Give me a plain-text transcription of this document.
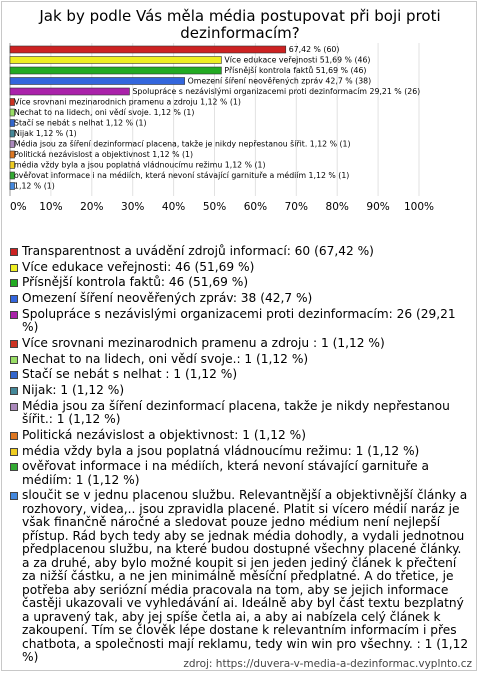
Jak by podle Vás měla média postupovat při boji proti dezinformacím?
0% 10% 20% 30% 40% 50% 60% 70% 80% 90% 100%
67,42 % (60)
Více edukace veřejnosti 51,69 % (46)
Přísnější kontrola faktů 51,69 % (46)
Omezení šíření neověřených zpráv 42,7 % (38)
Spolupráce s nezávislými organizacemi proti dezinformacím 29,21 % (26)
Více srovnani mezinarodnich pramenu a zdroju 1,12 % (1)
Nechat to na lidech, oni vědí svoje. 1,12 % (1)
Stačí se nebát s nelhat 1,12 % (1)
Nijak 1,12 % (1)
Média jsou za šíření dezinformací placena, takže je nikdy nepřestanou šířit. 1,12 % (1)
Politická nezávislost a objektivnost 1,12 % (1)
média vždy byla a jsou poplatná vládnoucímu režimu 1,12 % (1)
ověřovat informace i na médiích, která nevoní stávající garnituře a médiím 1,12 % (1)
1,12 % (1)
Transparentnost a uvádění zdrojů informací: 60 (67,42 %)
Více edukace veřejnosti: 46 (51,69 %)
Přísnější kontrola faktů: 46 (51,69 %)
Omezení šíření neověřených zpráv: 38 (42,7 %)
Spolupráce s nezávislými organizacemi proti dezinformacím: 26 (29,21 %)
Více srovnani mezinarodnich pramenu a zdroju : 1 (1,12 %)
Nechat to na lidech, oni vědí svoje.: 1 (1,12 %)
Stačí se nebát s nelhat : 1 (1,12 %)
Nijak: 1 (1,12 %)
Média jsou za šíření dezinformací placena, takže je nikdy nepřestanou šířit.: 1 (1,12 %)
Politická nezávislost a objektivnost: 1 (1,12 %)
média vždy byla a jsou poplatná vládnoucímu režimu: 1 (1,12 %)
ověřovat informace i na médiích, která nevoní stávající garnituře a médiím: 1 (1,12 %)
sloučit se v jednu placenou službu. Relevantnější a objektivnější články a rozhovory, videa,.. jsou zpravidla placené. Platit si vícero médií naráz je však finančně náročné a sledovat pouze jedno médium není nejlepší přístup. Rád bych tedy aby se jednak média dohodly, a vydali jednotnou předplacenou službu, na které budou dostupné všechny placené články. a za druhé, aby bylo možné koupit si jen jeden jediný článek k přečtení za nižší částku, a ne jen minimálně měsíční předplatné. A do třetice, je potřeba aby seriózní média pracovala na tom, aby se jejich informace častěji ukazovali ve vyhledávání ai. Ideálně aby byl část textu bezplatný a upravený tak, aby jej spíše četla ai, a aby ai nabízela celý článek k zakoupení. Tím se člověk lépe dostane k relevantním informacím i přes chatbota, a společnosti mají reklamu, tedy win win pro všechny. : 1 (1,12 %)	zdroj: https://duvera-v-media-a-dezinformac.vyplnto.cz
